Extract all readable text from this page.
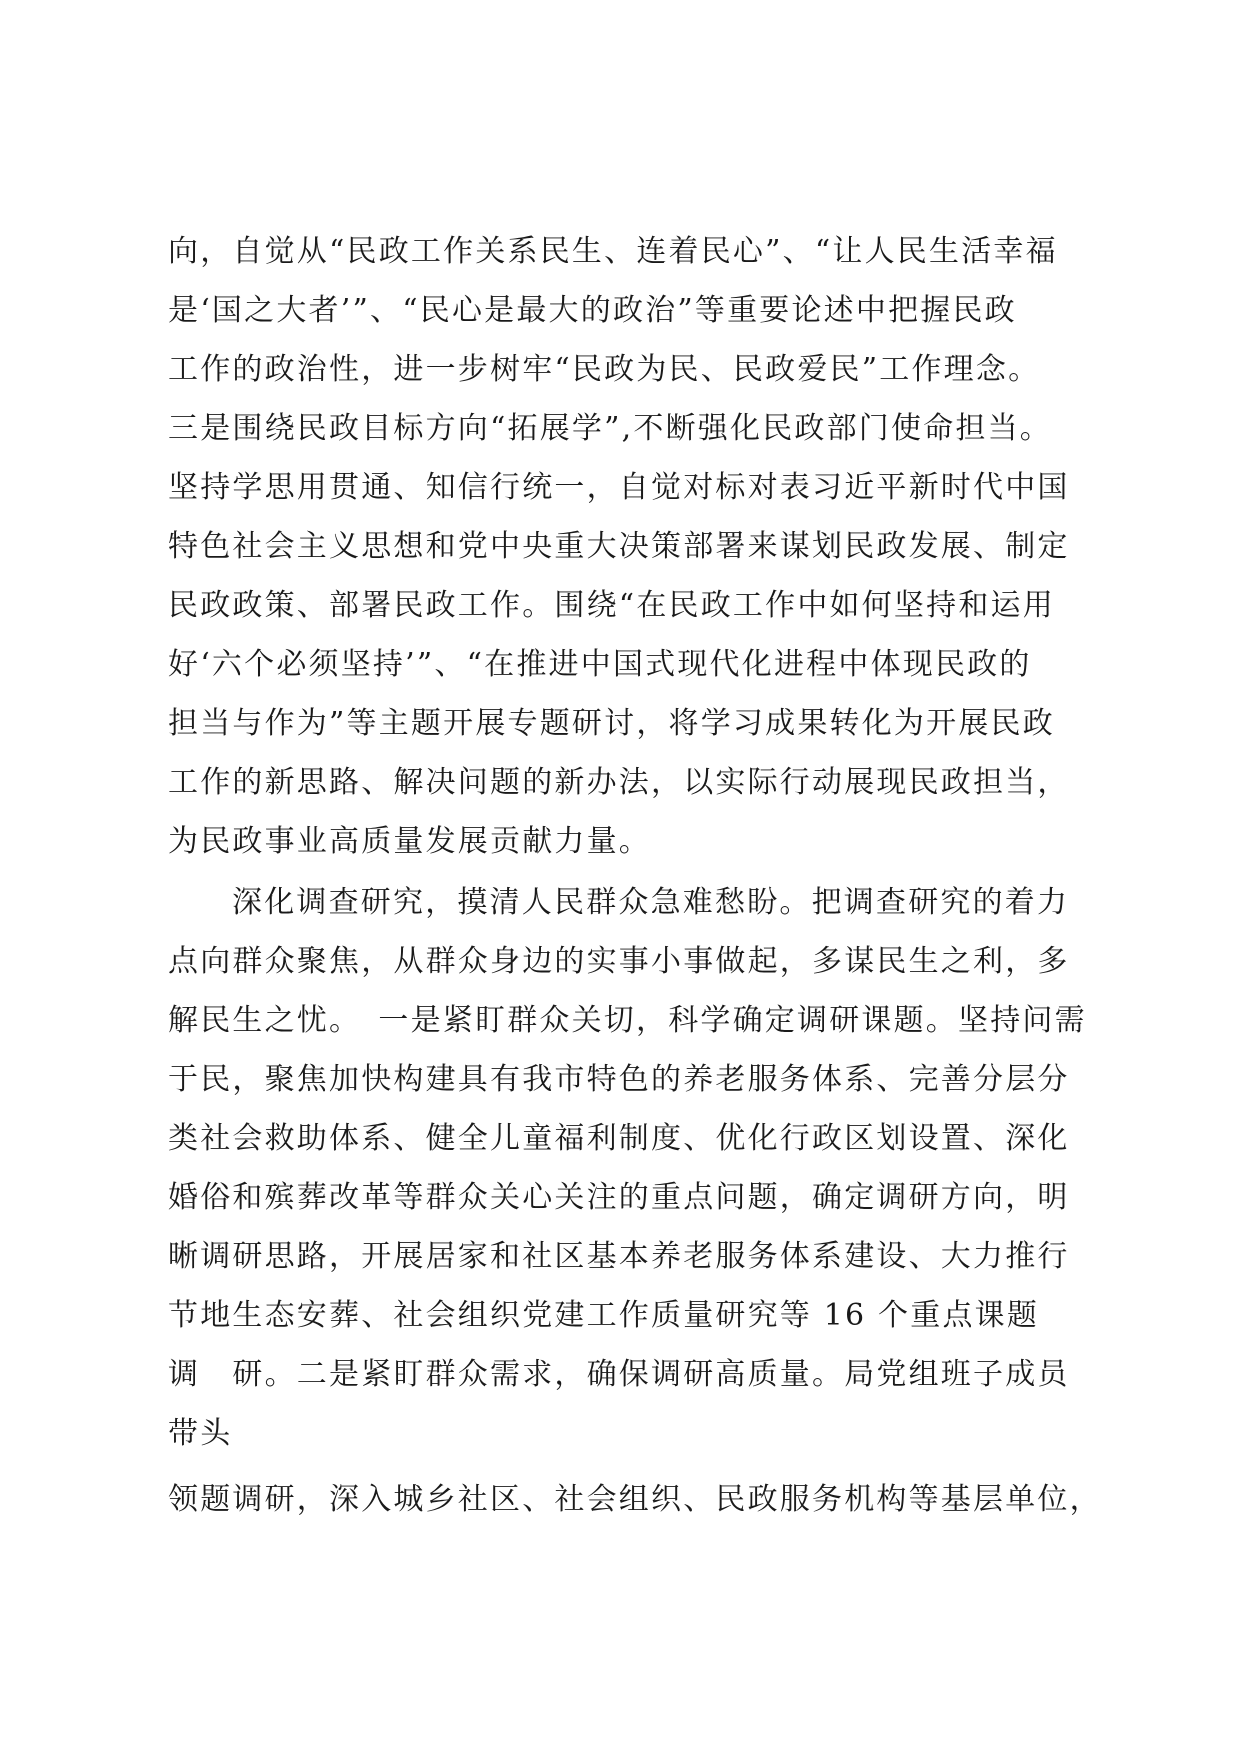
向，自觉从“民政工作关系民生、连着民心”、“让人民生活幸福
是‘国之大者’”、“民心是最大的政治”等重要论述中把握民政
工作的政治性，进一步树牢“民政为民、民政爱民”工作理念。
三是围绕民政目标方向“拓展学”,不断强化民政部门使命担当。
坚持学思用贯通、知信行统一，自觉对标对表习近平新时代中国
特色社会主义思想和党中央重大决策部署来谋划民政发展、制定
民政政策、部署民政工作。围绕“在民政工作中如何坚持和运用
好‘六个必须坚持’”、“在推进中国式现代化进程中体现民政的
担当与作为”等主题开展专题研讨，将学习成果转化为开展民政
工作的新思路、解决问题的新办法，以实际行动展现民政担当，
为民政事业高质量发展贡献力量。
深化调查研究，摸清人民群众急难愁盼。把调查研究的着力
点向群众聚焦，从群众身边的实事小事做起，多谋民生之利，多
解民生之忧。　一是紧盯群众关切，科学确定调研课题。坚持问需
于民，聚焦加快构建具有我市特色的养老服务体系、完善分层分
类社会救助体系、健全儿童福利制度、优化行政区划设置、深化
婚俗和殡葬改革等群众关心关注的重点问题，确定调研方向，明
晰调研思路，开展居家和社区基本养老服务体系建设、大力推行
节地生态安葬、社会组织党建工作质量研究等 16 个重点课题
调　研。二是紧盯群众需求，确保调研高质量。局党组班子成员
带头
领题调研，深入城乡社区、社会组织、民政服务机构等基层单位，
